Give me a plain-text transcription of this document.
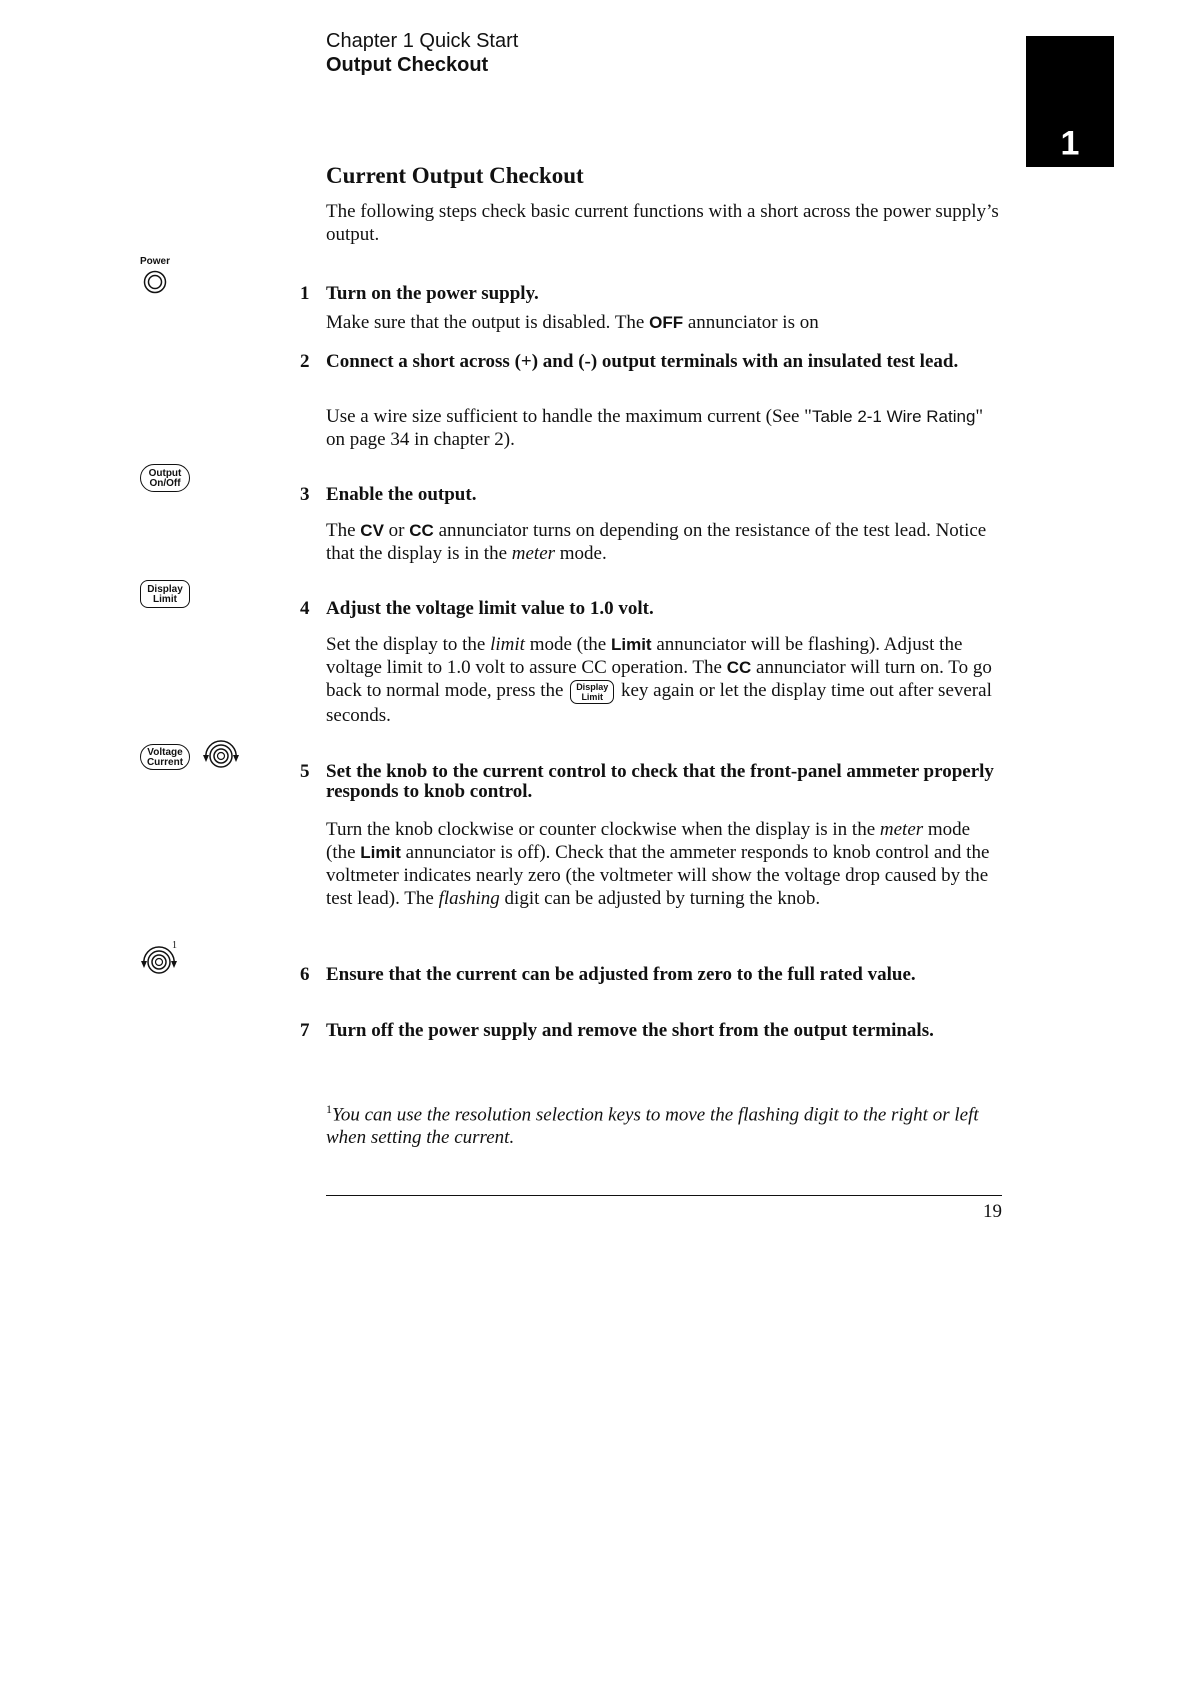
Chapter 1 Quick Start
Output Checkout
1
Current Output Checkout

The following steps check basic current functions with a short across the power supply’s output.

Power
Output
On/Off
Display
Limit
Voltage
Current
1
1 Turn on the power supply.

Make sure that the output is disabled. The OFF annunciator is on

2 Connect a short across (+) and (-) output terminals with an insulated test lead.

Use a wire size sufficient to handle the maximum current (See "Table 2-1 Wire Rating" on page 34 in chapter 2).

3 Enable the output.

The CV or CC annunciator turns on depending on the resistance of the test lead. Notice that the display is in the meter mode.

4 Adjust the voltage limit value to 1.0 volt.

Set the display to the limit mode (the Limit annunciator will be flashing). Adjust the voltage limit to 1.0 volt to assure CC operation. The CC annunciator will turn on. To go back to normal mode, press the Display
Limit key again or let the display time out after several seconds.

5 Set the knob to the current control to check that the front-panel ammeter properly responds to knob control.

Turn the knob clockwise or counter clockwise when the display is in the meter mode (the Limit annunciator is off). Check that the ammeter responds to knob control and the voltmeter indicates nearly zero (the voltmeter will show the voltage drop caused by the test lead). The flashing digit can be adjusted by turning the knob.

6 Ensure that the current can be adjusted from zero to the full rated value.
7 Turn off the power supply and remove the short from the output terminals.

$^1$You can use the resolution selection keys to move the flashing digit to the right or left when setting the current.

19
